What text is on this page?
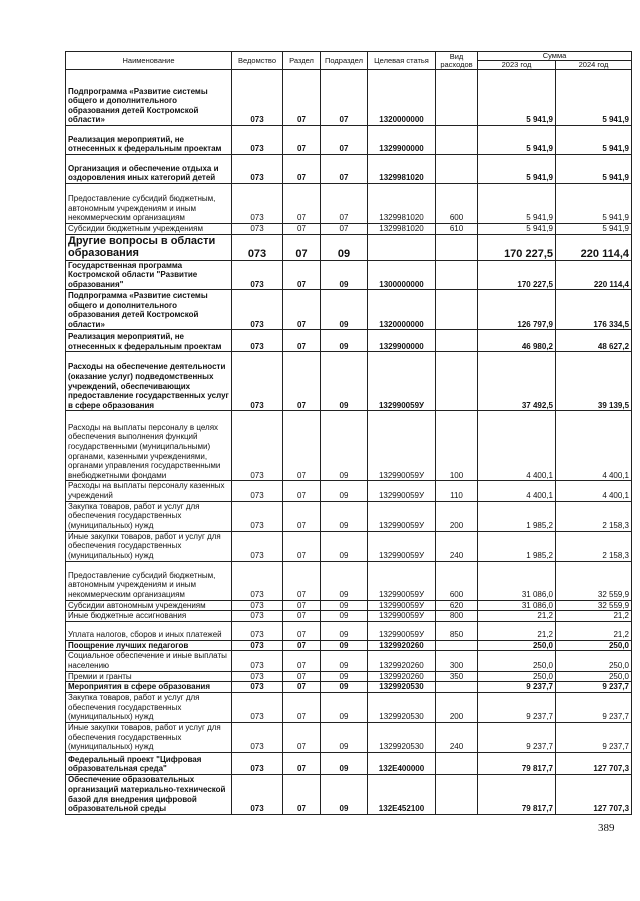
Наименование	Ведомство	Раздел	Подраздел	Целевая статья	Вид расходов	Сумма	
						2023 год	2024 год
Подпрограмма «Развитие системы общего и дополнительного образования детей Костромской области»	073	07	07	1320000000		5 941,9	5 941,9
Реализация мероприятий, не отнесенных к федеральным проектам	073	07	07	1329900000		5 941,9	5 941,9
Организация и обеспечение отдыха и оздоровления иных категорий детей	073	07	07	1329981020		5 941,9	5 941,9
Предоставление субсидий бюджетным, автономным учреждениям и иным некоммерческим организациям	073	07	07	1329981020	600	5 941,9	5 941,9
Субсидии бюджетным учреждениям	073	07	07	1329981020	610	5 941,9	5 941,9
Другие вопросы в области образования	073	07	09			170 227,5	220 114,4
Государственная программа Костромской области "Развитие образования"	073	07	09	1300000000		170 227,5	220 114,4
Подпрограмма «Развитие системы общего и дополнительного образования детей Костромской области»	073	07	09	1320000000		126 797,9	176 334,5
Реализация мероприятий, не отнесенных к федеральным проектам	073	07	09	1329900000		46 980,2	48 627,2
Расходы на обеспечение деятельности (оказание услуг) подведомственных учреждений, обеспечивающих предоставление государственных услуг в сфере образования	073	07	09	132990059У		37 492,5	39 139,5
Расходы на выплаты персоналу в целях обеспечения выполнения функций государственными (муниципальными) органами, казенными учреждениями, органами управления государственными внебюджетными фондами	073	07	09	132990059У	100	4 400,1	4 400,1
Расходы на выплаты персоналу казенных учреждений	073	07	09	132990059У	110	4 400,1	4 400,1
Закупка товаров, работ и услуг для обеспечения государственных (муниципальных) нужд	073	07	09	132990059У	200	1 985,2	2 158,3
Иные закупки товаров, работ и услуг для обеспечения государственных (муниципальных) нужд	073	07	09	132990059У	240	1 985,2	2 158,3
Предоставление субсидий бюджетным, автономным учреждениям и иным некоммерческим организациям	073	07	09	132990059У	600	31 086,0	32 559,9
Субсидии автономным учреждениям	073	07	09	132990059У	620	31 086,0	32 559,9
Иные бюджетные ассигнования	073	07	09	132990059У	800	21,2	21,2
Уплата налогов, сборов и иных платежей	073	07	09	132990059У	850	21,2	21,2
Поощрение лучших педагогов	073	07	09	1329920260		250,0	250,0
Социальное обеспечение и иные выплаты населению	073	07	09	1329920260	300	250,0	250,0
Премии и гранты	073	07	09	1329920260	350	250,0	250,0
Мероприятия в сфере образования	073	07	09	1329920530		9 237,7	9 237,7
Закупка товаров, работ и услуг для обеспечения государственных (муниципальных) нужд	073	07	09	1329920530	200	9 237,7	9 237,7
Иные закупки товаров, работ и услуг для обеспечения государственных (муниципальных) нужд	073	07	09	1329920530	240	9 237,7	9 237,7
Федеральный проект "Цифровая образовательная среда"	073	07	09	132E400000		79 817,7	127 707,3
Обеспечение образовательных организаций материально-технической базой для внедрения цифровой образовательной среды	073	07	09	132E452100		79 817,7	127 707,3
389
